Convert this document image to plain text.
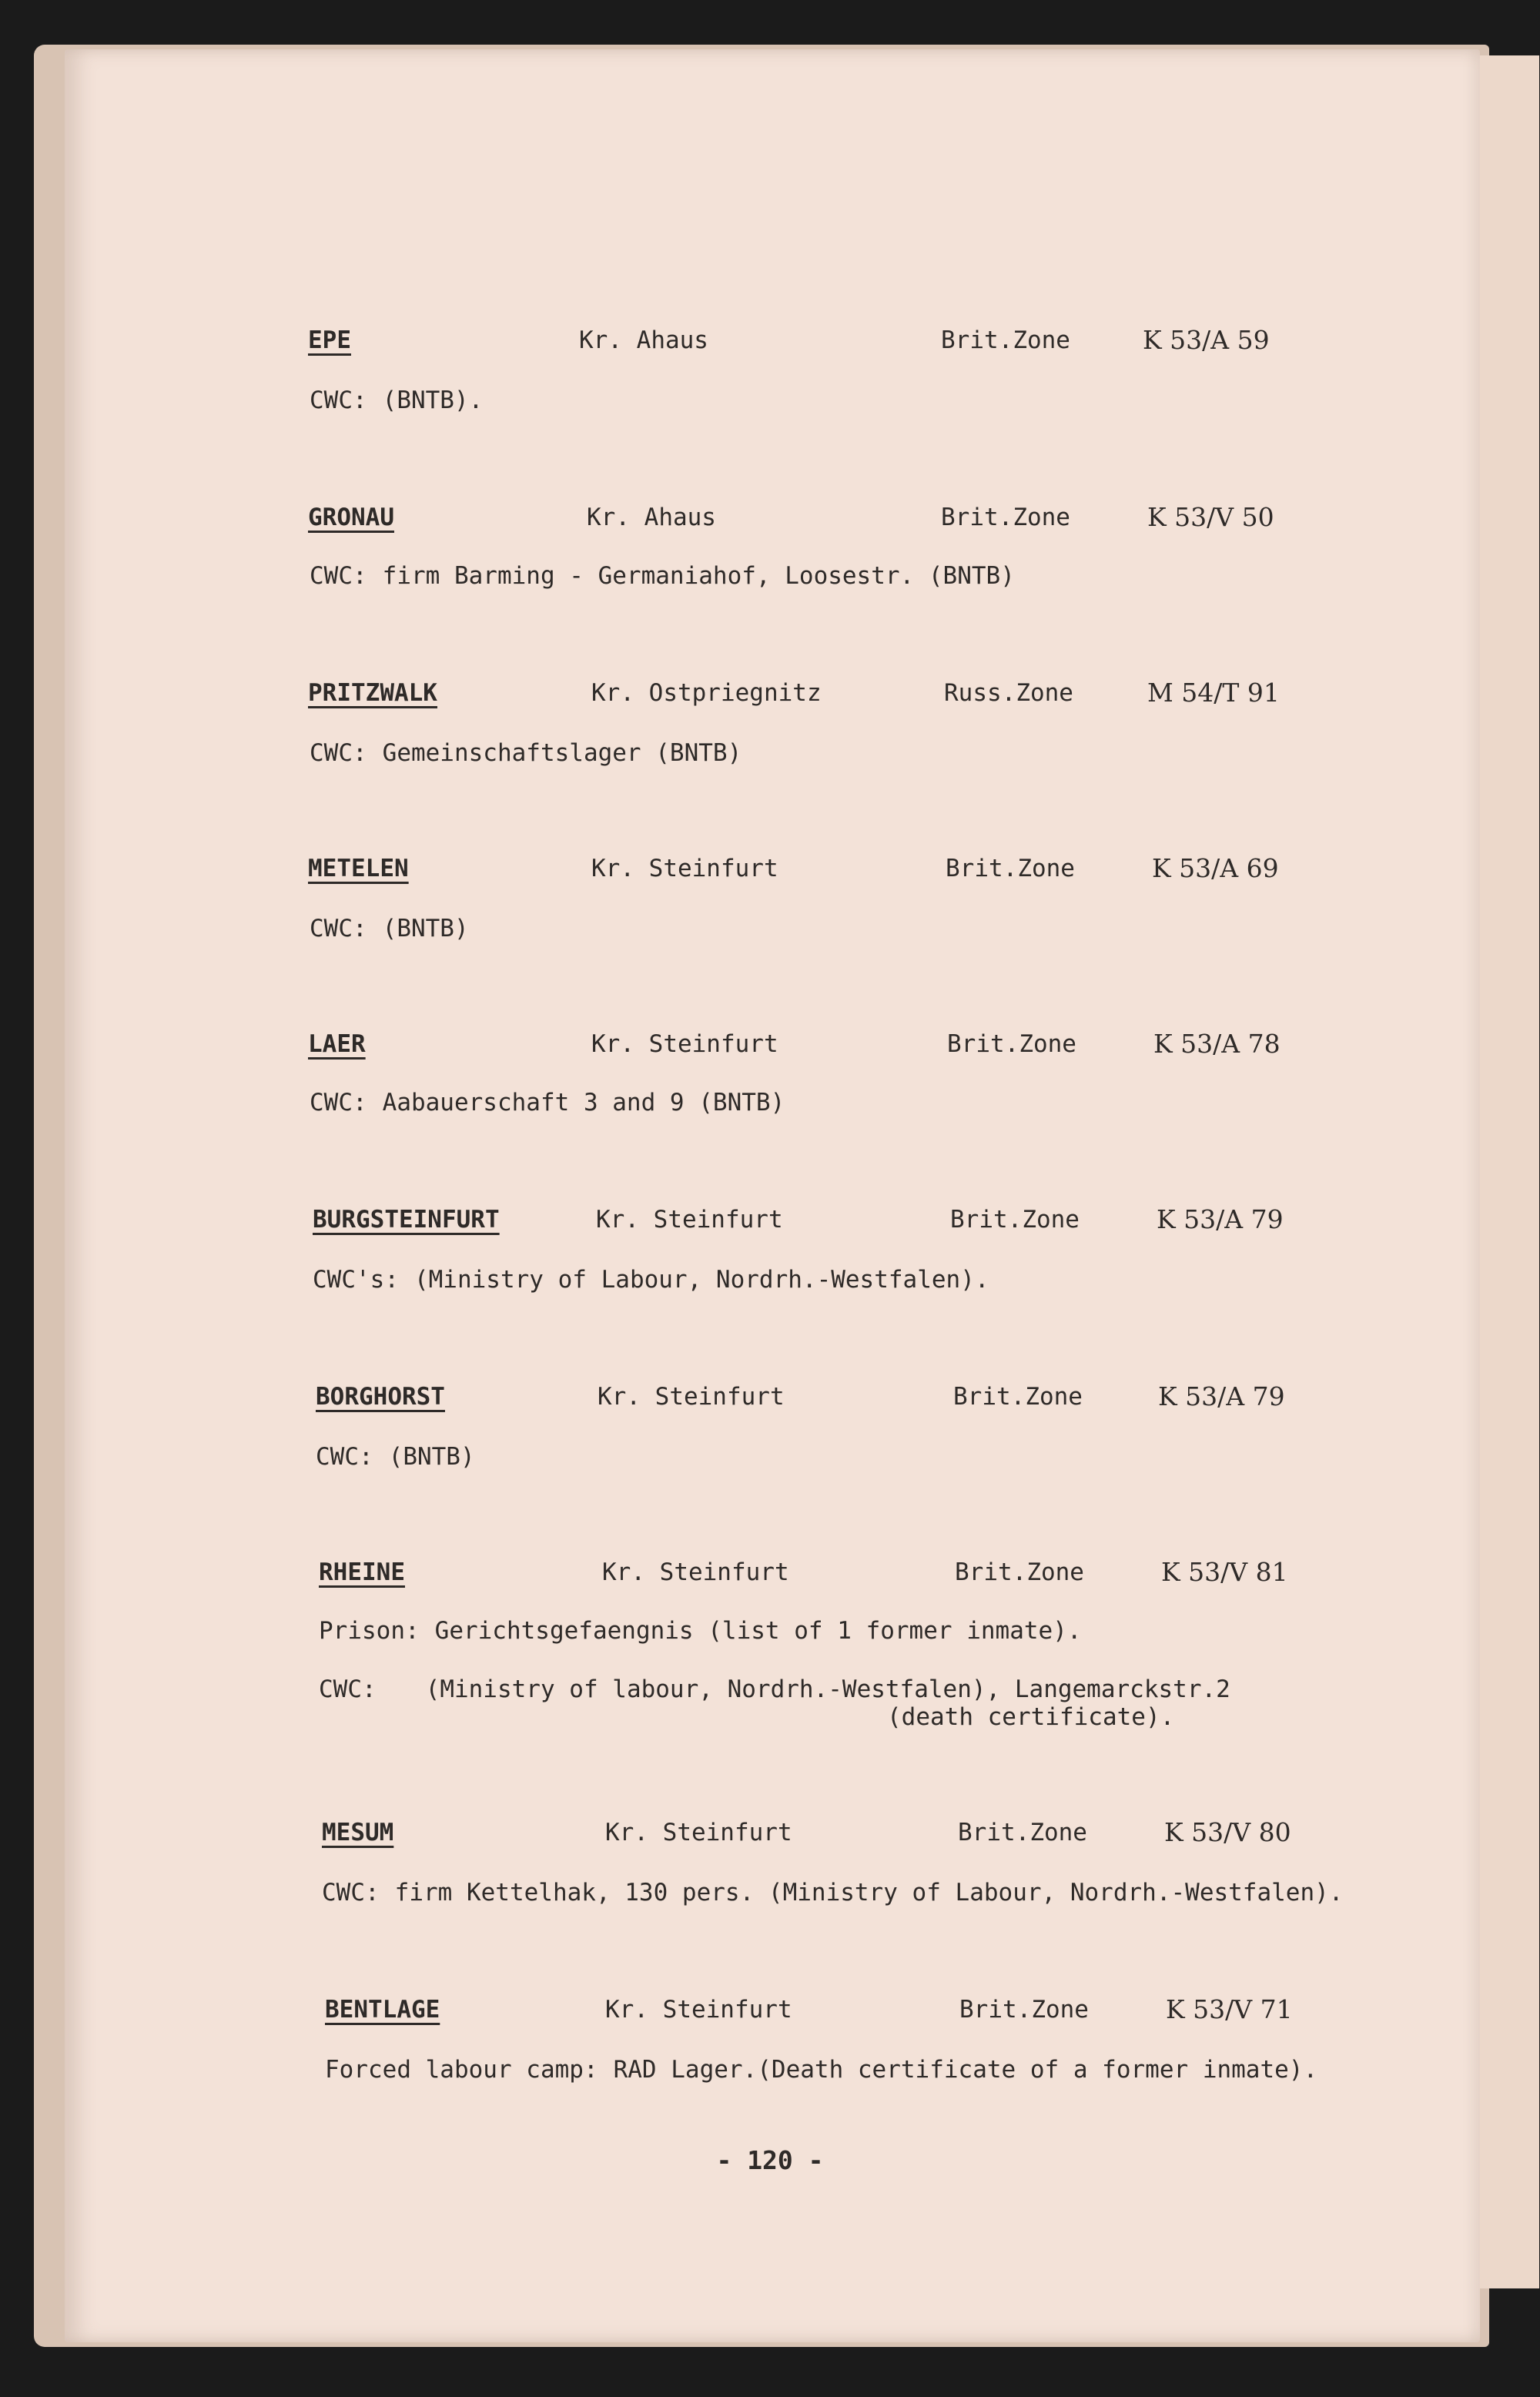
EPE	Kr. Ahaus	Brit.Zone	K 53/A 59
CWC: (BNTB).
GRONAU	Kr. Ahaus	Brit.Zone	K 53/V 50
CWC: firm Barming - Germaniahof, Loosestr. (BNTB)
PRITZWALK	Kr. Ostpriegnitz	Russ.Zone	M 54/T 91
CWC: Gemeinschaftslager (BNTB)
METELEN	Kr. Steinfurt	Brit.Zone	K 53/A 69
CWC: (BNTB)
LAER	Kr. Steinfurt	Brit.Zone	K 53/A 78
CWC: Aabauerschaft 3 and 9 (BNTB)
BURGSTEINFURT	Kr. Steinfurt	Brit.Zone	K 53/A 79
CWC's: (Ministry of Labour, Nordrh.-Westfalen).
BORGHORST	Kr. Steinfurt	Brit.Zone	K 53/A 79
CWC: (BNTB)
RHEINE	Kr. Steinfurt	Brit.Zone	K 53/V 81
Prison: Gerichtsgefaengnis (list of 1 former inmate).
CWC: (Ministry of labour, Nordrh.-Westfalen), Langemarckstr.2
(death certificate).
MESUM	Kr. Steinfurt	Brit.Zone	K 53/V 80
CWC: firm Kettelhak, 130 pers. (Ministry of Labour, Nordrh.-Westfalen).
BENTLAGE	Kr. Steinfurt	Brit.Zone	K 53/V 71
Forced labour camp: RAD Lager.(Death certificate of a former inmate).
- 120 -
